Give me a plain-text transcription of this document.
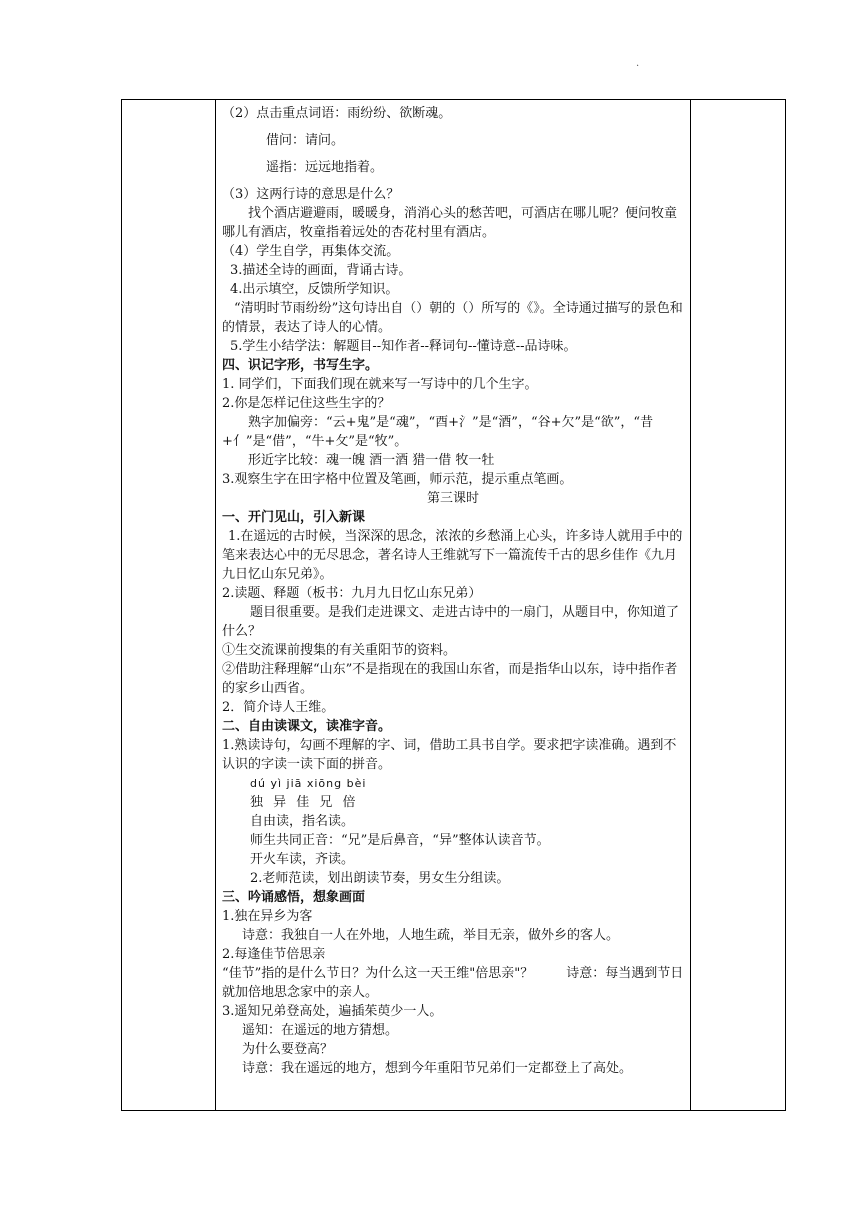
.

（2）点击重点词语：雨纷纷、欲断魂。

借问：请问。

遥指：远远地指着。

（3）这两行诗的意思是什么？

找个酒店避避雨，暖暖身，消消心头的愁苦吧，可酒店在哪儿呢？便问牧童哪儿有酒店，牧童指着远处的杏花村里有酒店。

（4）学生自学，再集体交流。

3.描述全诗的画面，背诵古诗。

4.出示填空，反馈所学知识。

“清明时节雨纷纷”这句诗出自（）朝的（）所写的《》。全诗通过描写的景色和的情景，表达了诗人的心情。

5.学生小结学法：解题目--知作者--释词句--懂诗意--品诗味。

四、识记字形，书写生字。

1. 同学们，下面我们现在就来写一写诗中的几个生字。

2.你是怎样记住这些生字的？

熟字加偏旁：“云+鬼”是“魂”，“酉+氵”是“酒”，“谷+欠”是“欲”，“昔+亻”是“借”，“牛+攵”是“牧”。

形近字比较：魂一魄 酒一酒 猎一借 牧一牡

3.观察生字在田字格中位置及笔画，师示范，提示重点笔画。

第三课时

一、开门见山，引入新课

1.在遥远的古时候，当深深的思念，浓浓的乡愁涌上心头，许多诗人就用手中的笔来表达心中的无尽思念，著名诗人王维就写下一篇流传千古的思乡佳作《九月九日忆山东兄弟》。

2.读题、释题（板书：九月九日忆山东兄弟）

题目很重要。是我们走进课文、走进古诗中的一扇门，从题目中，你知道了什么？

①生交流课前搜集的有关重阳节的资料。

②借助注释理解“山东”不是指现在的我国山东省，而是指华山以东，诗中指作者的家乡山西省。

2．简介诗人王维。

二、自由读课文，读准字音。

1.熟读诗句，勾画不理解的字、词，借助工具书自学。要求把字读准确。遇到不认识的字读一读下面的拼音。

dú yì jiā xiōng bèi

独 异 佳 兄 倍

自由读，指名读。

师生共同正音：“兄”是后鼻音，“异”整体认读音节。

开火车读，齐读。

2.老师范读，划出朗读节奏，男女生分组读。

三、吟诵感悟，想象画面

1.独在异乡为客

诗意：我独自一人在外地，人地生疏，举目无亲，做外乡的客人。

2.每逢佳节倍思亲

“佳节”指的是什么节日？为什么这一天王维"倍思亲"？        诗意：每当遇到节日就加倍地思念家中的亲人。

3.遥知兄弟登高处，遍插茱萸少一人。

遥知：在遥远的地方猜想。

为什么要登高？

诗意：我在遥远的地方，想到今年重阳节兄弟们一定都登上了高处。
